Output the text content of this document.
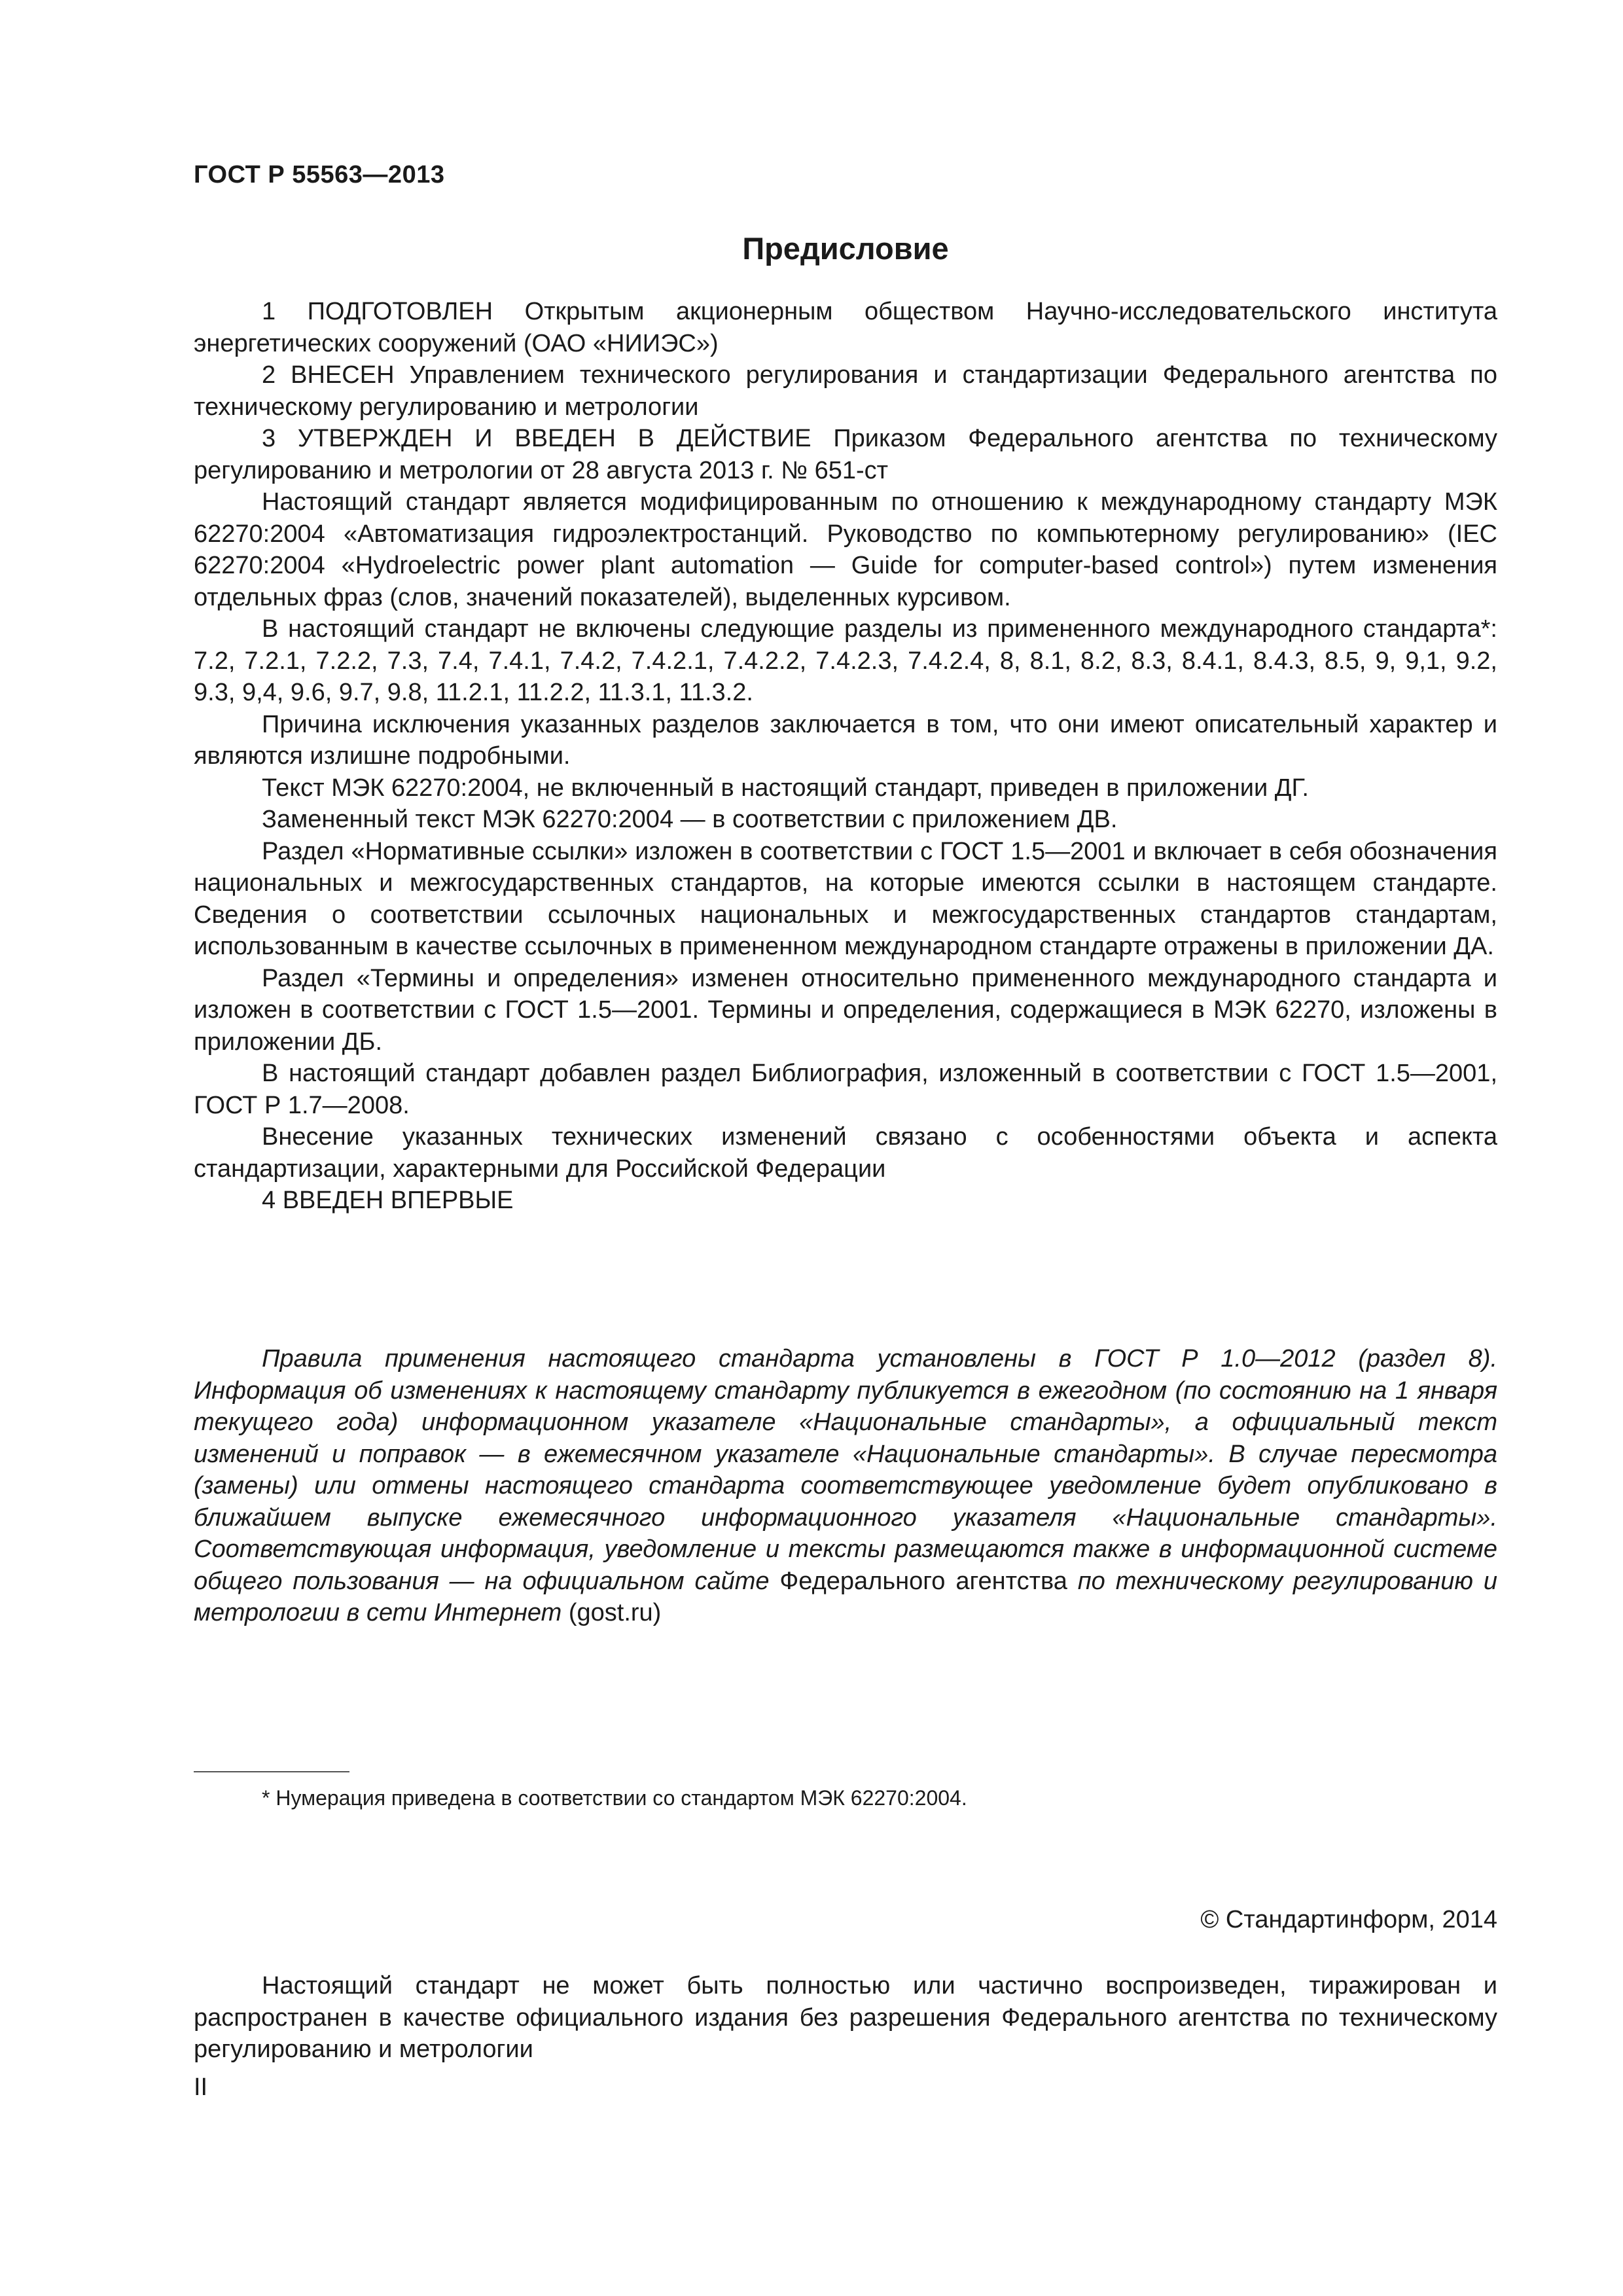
ГОСТ Р 55563—2013
Предисловие

1 ПОДГОТОВЛЕН Открытым акционерным обществом Научно-исследовательского института энергетических сооружений (ОАО «НИИЭС»)

2 ВНЕСЕН Управлением технического регулирования и стандартизации Федерального агентства по техническому регулированию и метрологии

3 УТВЕРЖДЕН И ВВЕДЕН В ДЕЙСТВИЕ Приказом Федерального агентства по техническому регулированию и метрологии от 28 августа 2013 г. № 651-ст

Настоящий стандарт является модифицированным по отношению к международному стандарту МЭК 62270:2004 «Автоматизация гидроэлектростанций. Руководство по компьютерному регулированию» (IEC 62270:2004 «Hydroelectric power plant automation — Guide for computer-based control») путем изменения отдельных фраз (слов, значений показателей), выделенных курсивом.

В настоящий стандарт не включены следующие разделы из примененного международного стандарта*: 7.2, 7.2.1, 7.2.2, 7.3, 7.4, 7.4.1, 7.4.2, 7.4.2.1, 7.4.2.2, 7.4.2.3, 7.4.2.4, 8, 8.1, 8.2, 8.3, 8.4.1, 8.4.3, 8.5, 9, 9,1, 9.2, 9.3, 9,4, 9.6, 9.7, 9.8, 11.2.1, 11.2.2, 11.3.1, 11.3.2.

Причина исключения указанных разделов заключается в том, что они имеют описательный характер и являются излишне подробными.

Текст МЭК 62270:2004, не включенный в настоящий стандарт, приведен в приложении ДГ.

Замененный текст МЭК 62270:2004 — в соответствии с приложением ДВ.

Раздел «Нормативные ссылки» изложен в соответствии с ГОСТ 1.5—2001 и включает в себя обозначения национальных и межгосударственных стандартов, на которые имеются ссылки в настоящем стандарте. Сведения о соответствии ссылочных национальных и межгосударственных стандартов стандартам, использованным в качестве ссылочных в примененном международном стандарте отражены в приложении ДА.

Раздел «Термины и определения» изменен относительно примененного международного стандарта и изложен в соответствии с ГОСТ 1.5—2001. Термины и определения, содержащиеся в МЭК 62270, изложены в приложении ДБ.

В настоящий стандарт добавлен раздел Библиография, изложенный в соответствии с ГОСТ 1.5—2001, ГОСТ Р 1.7—2008.

Внесение указанных технических изменений связано с особенностями объекта и аспекта стандартизации, характерными для Российской Федерации

4 ВВЕДЕН ВПЕРВЫЕ

Правила применения настоящего стандарта установлены в ГОСТ Р 1.0—2012 (раздел 8). Информация об изменениях к настоящему стандарту публикуется в ежегодном (по состоянию на 1 января текущего года) информационном указателе «Национальные стандарты», а официальный текст изменений и поправок — в ежемесячном указателе «Национальные стандарты». В случае пересмотра (замены) или отмены настоящего стандарта соответствующее уведомление будет опубликовано в ближайшем выпуске ежемесячного информационного указателя «Национальные стандарты». Соответствующая информация, уведомление и тексты размещаются также в информационной системе общего пользования — на официальном сайте Федерального агентства по техническому регулированию и метрологии в сети Интернет (gost.ru)

* Нумерация приведена в соответствии со стандартом МЭК 62270:2004.
© Стандартинформ, 2014

Настоящий стандарт не может быть полностью или частично воспроизведен, тиражирован и распространен в качестве официального издания без разрешения Федерального агентства по техническому регулированию и метрологии

II
